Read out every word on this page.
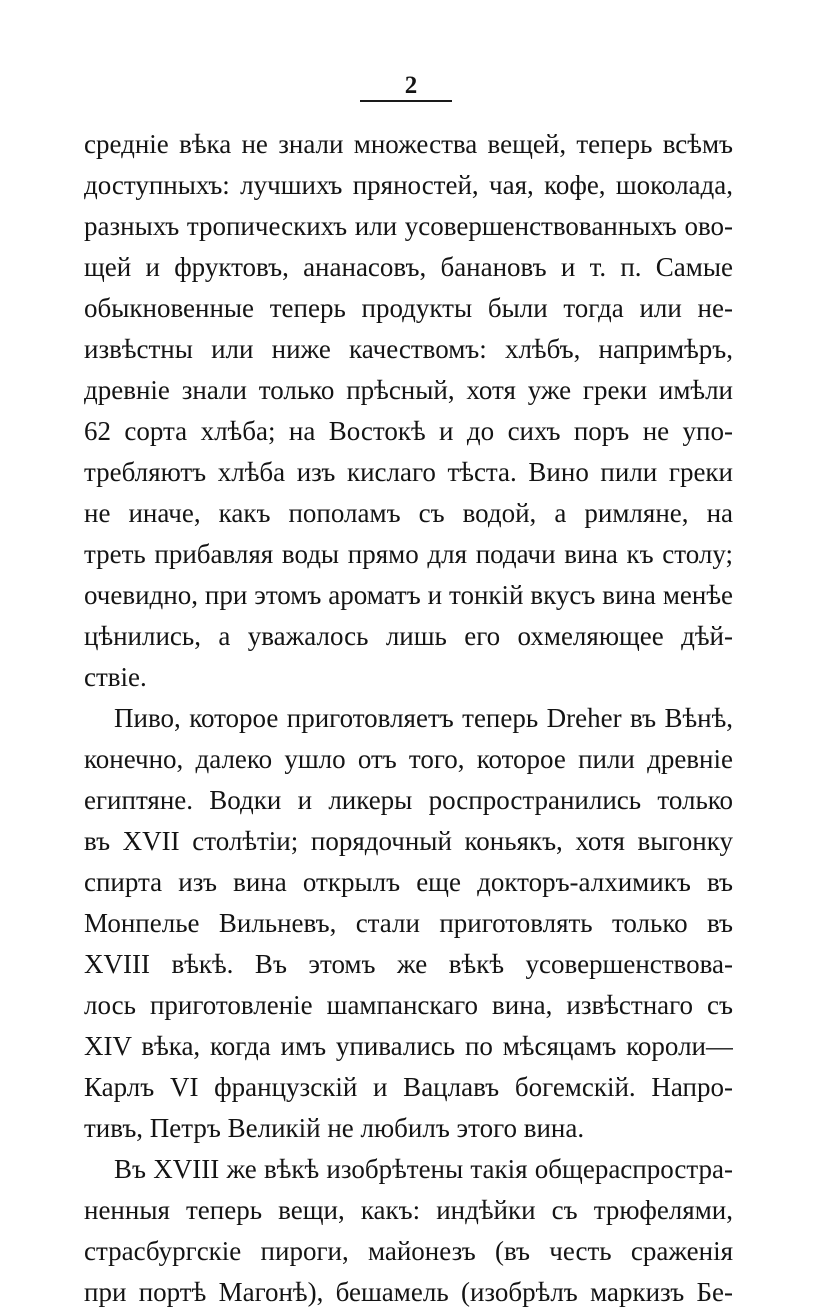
2
средніе вѣка не знали множества вещей, теперь всѣмъ
доступныхъ: лучшихъ пряностей, чая, кофе, шоколада,
разныхъ тропическихъ или усовершенствованныхъ ово-
щей и фруктовъ, ананасовъ, банановъ и т. п. Самые
обыкновенные теперь продукты были тогда или не-
извѣстны или ниже качествомъ: хлѣбъ, напримѣръ,
древніе знали только прѣсный, хотя уже греки имѣли
62 сорта хлѣба; на Востокѣ и до сихъ поръ не упо-
требляютъ хлѣба изъ кислаго тѣста. Вино пили греки
не иначе, какъ пополамъ съ водой, а римляне, на
треть прибавляя воды прямо для подачи вина къ столу;
очевидно, при этомъ ароматъ и тонкій вкусъ вина менѣе
цѣнились, а уважалось лишь его охмеляющее дѣй-
ствіе.
Пиво, которое приготовляетъ теперь Dreher въ Вѣнѣ,
конечно, далеко ушло отъ того, которое пили древніе
египтяне. Водки и ликеры роспространились только
въ XVII столѣтіи; порядочный коньякъ, хотя выгонку
спирта изъ вина открылъ еще докторъ-алхимикъ въ
Монпелье Вильневъ, стали приготовлять только въ
XVIII вѣкѣ. Въ этомъ же вѣкѣ усовершенствова-
лось приготовленіе шампанскаго вина, извѣстнаго съ
XIV вѣка, когда имъ упивались по мѣсяцамъ короли—
Карлъ VI французскій и Вацлавъ богемскій. Напро-
тивъ, Петръ Великій не любилъ этого вина.
Въ XVIII же вѣкѣ изобрѣтены такія общераспростра-
ненныя теперь вещи, какъ: индѣйки съ трюфелями,
страсбургскіе пироги, майонезъ (въ честь сраженія
при портѣ Магонѣ), бешамель (изобрѣлъ маркизъ Бе-
